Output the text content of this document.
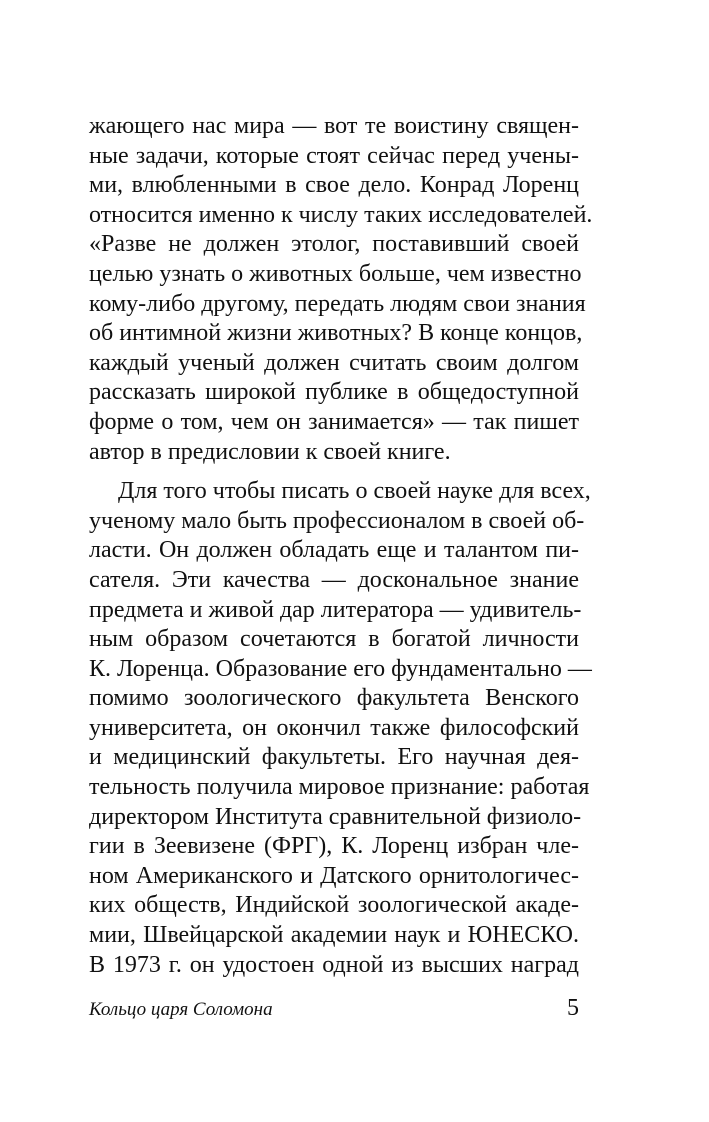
жающего нас мира — вот те воистину священ-
ные задачи, которые стоят сейчас перед учены-
ми, влюбленными в свое дело. Конрад Лоренц
относится именно к числу таких исследователей.
«Разве не должен этолог, поставивший своей
целью узнать о животных больше, чем известно
кому-либо другому, передать людям свои знания
об интимной жизни животных? В конце концов,
каждый ученый должен считать своим долгом
рассказать широкой публике в общедоступной
форме о том, чем он занимается» — так пишет
автор в предисловии к своей книге.
Для того чтобы писать о своей науке для всех,
ученому мало быть профессионалом в своей об-
ласти. Он должен обладать еще и талантом пи-
сателя. Эти качества — доскональное знание
предмета и живой дар литератора — удивитель-
ным образом сочетаются в богатой личности
К. Лоренца. Образование его фундаментально —
помимо зоологического факультета Венского
университета, он окончил также философский
и медицинский факультеты. Его научная дея-
тельность получила мировое признание: работая
директором Института сравнительной физиоло-
гии в Зеевизене (ФРГ), К. Лоренц избран чле-
ном Американского и Датского орнитологичес-
ких обществ, Индийской зоологической акаде-
мии, Швейцарской академии наук и ЮНЕСКО.
В 1973 г. он удостоен одной из высших наград
Кольцо царя Соломона	5
